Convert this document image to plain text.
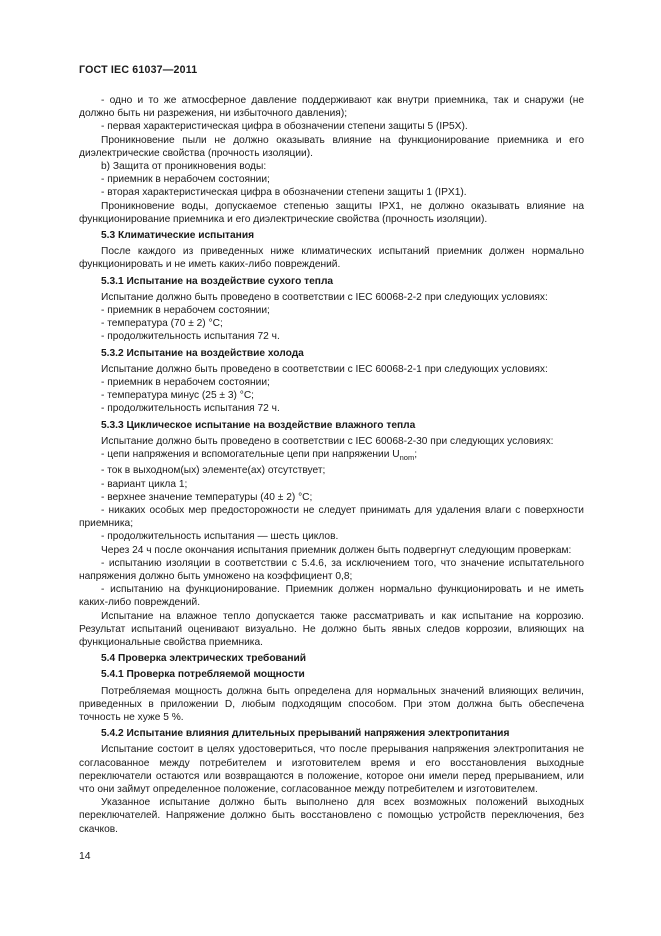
ГОСТ IEC 61037—2011

- одно и то же атмосферное давление поддерживают как внутри приемника, так и снаружи (не должно быть ни разрежения, ни избыточного давления);

- первая характеристическая цифра в обозначении степени защиты 5 (IP5X).

Проникновение пыли не должно оказывать влияние на функционирование приемника и его диэлектрические свойства (прочность изоляции).

b) Защита от проникновения воды:

- приемник в нерабочем состоянии;

- вторая характеристическая цифра в обозначении степени защиты 1 (IPX1).

Проникновение воды, допускаемое степенью защиты IPX1, не должно оказывать влияние на функционирование приемника и его диэлектрические свойства (прочность изоляции).

5.3 Климатические испытания

После каждого из приведенных ниже климатических испытаний приемник должен нормально функционировать и не иметь каких-либо повреждений.

5.3.1 Испытание на воздействие сухого тепла

Испытание должно быть проведено в соответствии с IEC 60068-2-2 при следующих условиях:

- приемник в нерабочем состоянии;

- температура (70 ± 2) °C;

- продолжительность испытания 72 ч.

5.3.2 Испытание на воздействие холода

Испытание должно быть проведено в соответствии с IEC 60068-2-1 при следующих условиях:

- приемник в нерабочем состоянии;

- температура минус (25 ± 3) °C;

- продолжительность испытания 72 ч.

5.3.3 Циклическое испытание на воздействие влажного тепла

Испытание должно быть проведено в соответствии с IEC 60068-2-30 при следующих условиях:

- цепи напряжения и вспомогательные цепи при напряжении $U_{nom}$;

- ток в выходном(ых) элементе(ах) отсутствует;

- вариант цикла 1;

- верхнее значение температуры (40 ± 2) °C;

- никаких особых мер предосторожности не следует принимать для удаления влаги с поверхности приемника;

- продолжительность испытания — шесть циклов.

Через 24 ч после окончания испытания приемник должен быть подвергнут следующим проверкам:

- испытанию изоляции в соответствии с 5.4.6, за исключением того, что значение испытательного напряжения должно быть умножено на коэффициент 0,8;

- испытанию на функционирование. Приемник должен нормально функционировать и не иметь каких-либо повреждений.

Испытание на влажное тепло допускается также рассматривать и как испытание на коррозию. Результат испытаний оценивают визуально. Не должно быть явных следов коррозии, влияющих на функциональные свойства приемника.

5.4 Проверка электрических требований

5.4.1 Проверка потребляемой мощности

Потребляемая мощность должна быть определена для нормальных значений влияющих величин, приведенных в приложении D, любым подходящим способом. При этом должна быть обеспечена точность не хуже 5 %.

5.4.2 Испытание влияния длительных прерываний напряжения электропитания

Испытание состоит в целях удостовериться, что после прерывания напряжения электропитания не согласованное между потребителем и изготовителем время и его восстановления выходные переключатели остаются или возвращаются в положение, которое они имели перед прерыванием, или что они займут определенное положение, согласованное между потребителем и изготовителем.

Указанное испытание должно быть выполнено для всех возможных положений выходных переключателей. Напряжение должно быть восстановлено с помощью устройств переключения, без скачков.

14
